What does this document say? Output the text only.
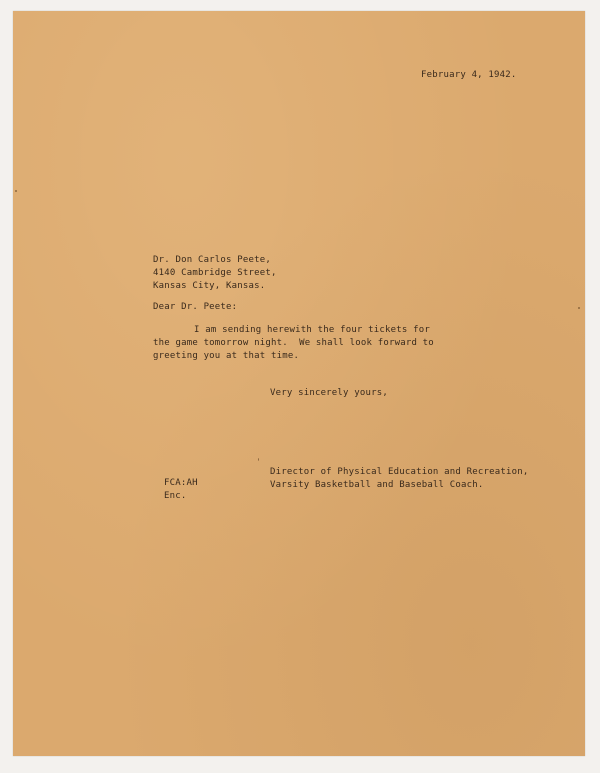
February 4, 1942.

Dr. Don Carlos Peete,

4140 Cambridge Street,

Kansas City, Kansas.

Dear Dr. Peete:

I am sending herewith the four tickets for

the game tomorrow night.  We shall look forward to

greeting you at that time.

Very sincerely yours,

Director of Physical Education and Recreation,

Varsity Basketball and Baseball Coach.

FCA:AH

Enc.
